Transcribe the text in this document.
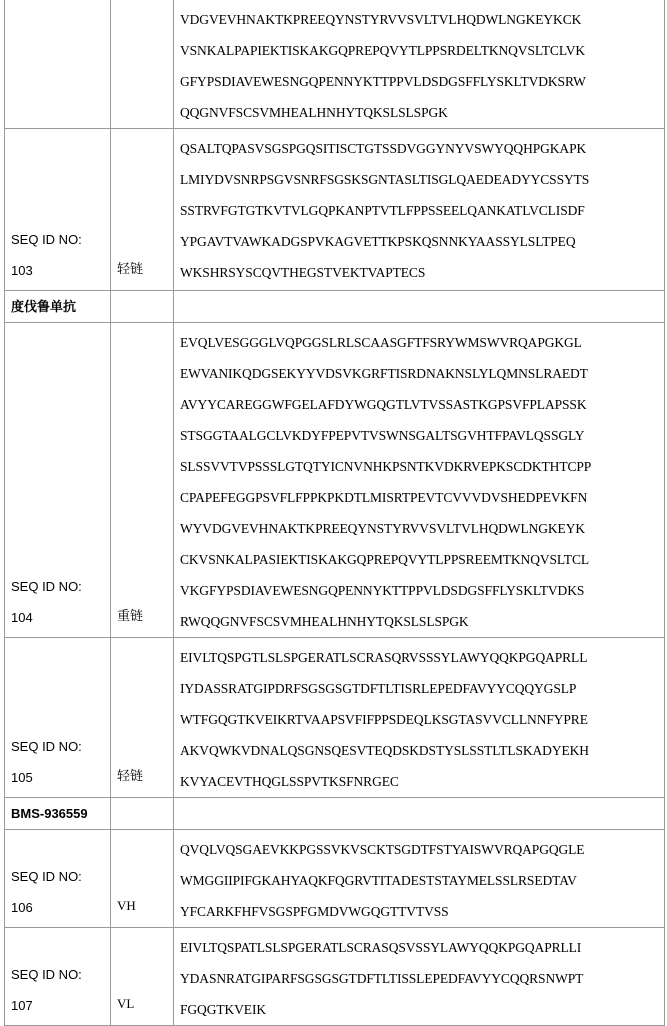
VDGVEVHNAKTKPREEQYNSTYRVVSVLTVLHQDWLNGKEYKCK
VSNKALPAPIEKTISKAKGQPREPQVYTLPPSRDELTKNQVSLTCLVK
GFYPSDIAVEWESNGQPENNYKTTPPVLDSDGSFFLYSKLTVDKSRW
QQGNVFSCSVMHEALHNHYTQKSLSLSPGK

SEQ ID NO:
103	轻链	
QSALTQPASVSGSPGQSITISCTGTSSDVGGYNYVSWYQQHPGKAPK
LMIYDVSNRPSGVSNRFSGSKSGNTASLTISGLQAEDEADYYCSSYTS
SSTRVFGTGTKVTVLGQPKANPTVTLFPPSSEELQANKATLVCLISDF
YPGAVTVAWKADGSPVKAGVETTKPSKQSNNKYAASSYLSLTPEQ
WKSHRSYSCQVTHEGSTVEKTVAPTECS

度伐鲁单抗		

SEQ ID NO:
104	重链	
EVQLVESGGGLVQPGGSLRLSCAASGFTFSRYWMSWVRQAPGKGL
EWVANIKQDGSEKYYVDSVKGRFTISRDNAKNSLYLQMNSLRAEDT
AVYYCAREGGWFGELAFDYWGQGTLVTVSSASTKGPSVFPLAPSSK
STSGGTAALGCLVKDYFPEPVTVSWNSGALTSGVHTFPAVLQSSGLY
SLSSVVTVPSSSLGTQTYICNVNHKPSNTKVDKRVEPKSCDKTHTCPP
CPAPEFEGGPSVFLFPPKPKDTLMISRTPEVTCVVVDVSHEDPEVKFN
WYVDGVEVHNAKTKPREEQYNSTYRVVSVLTVLHQDWLNGKEYK
CKVSNKALPASIEKTISKAKGQPREPQVYTLPPSREEMTKNQVSLTCL
VKGFYPSDIAVEWESNGQPENNYKTTPPVLDSDGSFFLYSKLTVDKS
RWQQGNVFSCSVMHEALHNHYTQKSLSLSPGK

SEQ ID NO:
105	轻链	
EIVLTQSPGTLSLSPGERATLSCRASQRVSSSYLAWYQQKPGQAPRLL
IYDASSRATGIPDRFSGSGSGTDFTLTISRLEPEDFAVYYCQQYGSLP
WTFGQGTKVEIKRTVAAPSVFIFPPSDEQLKSGTASVVCLLNNFYPRE
AKVQWKVDNALQSGNSQESVTEQDSKDSTYSLSSTLTLSKADYEKH
KVYACEVTHQGLSSPVTKSFNRGEC

BMS-936559		

SEQ ID NO:
106	VH	
QVQLVQSGAEVKKPGSSVKVSCKTSGDTFSTYAISWVRQAPGQGLE
WMGGIIPIFGKAHYAQKFQGRVTITADESTSTAYMELSSLRSEDTAV
YFCARKFHFVSGSPFGMDVWGQGTTVTVSS

SEQ ID NO:
107	VL	
EIVLTQSPATLSLSPGERATLSCRASQSVSSYLAWYQQKPGQAPRLLI
YDASNRATGIPARFSGSGSGTDFTLTISSLEPEDFAVYYCQQRSNWPT
FGQGTKVEIK
